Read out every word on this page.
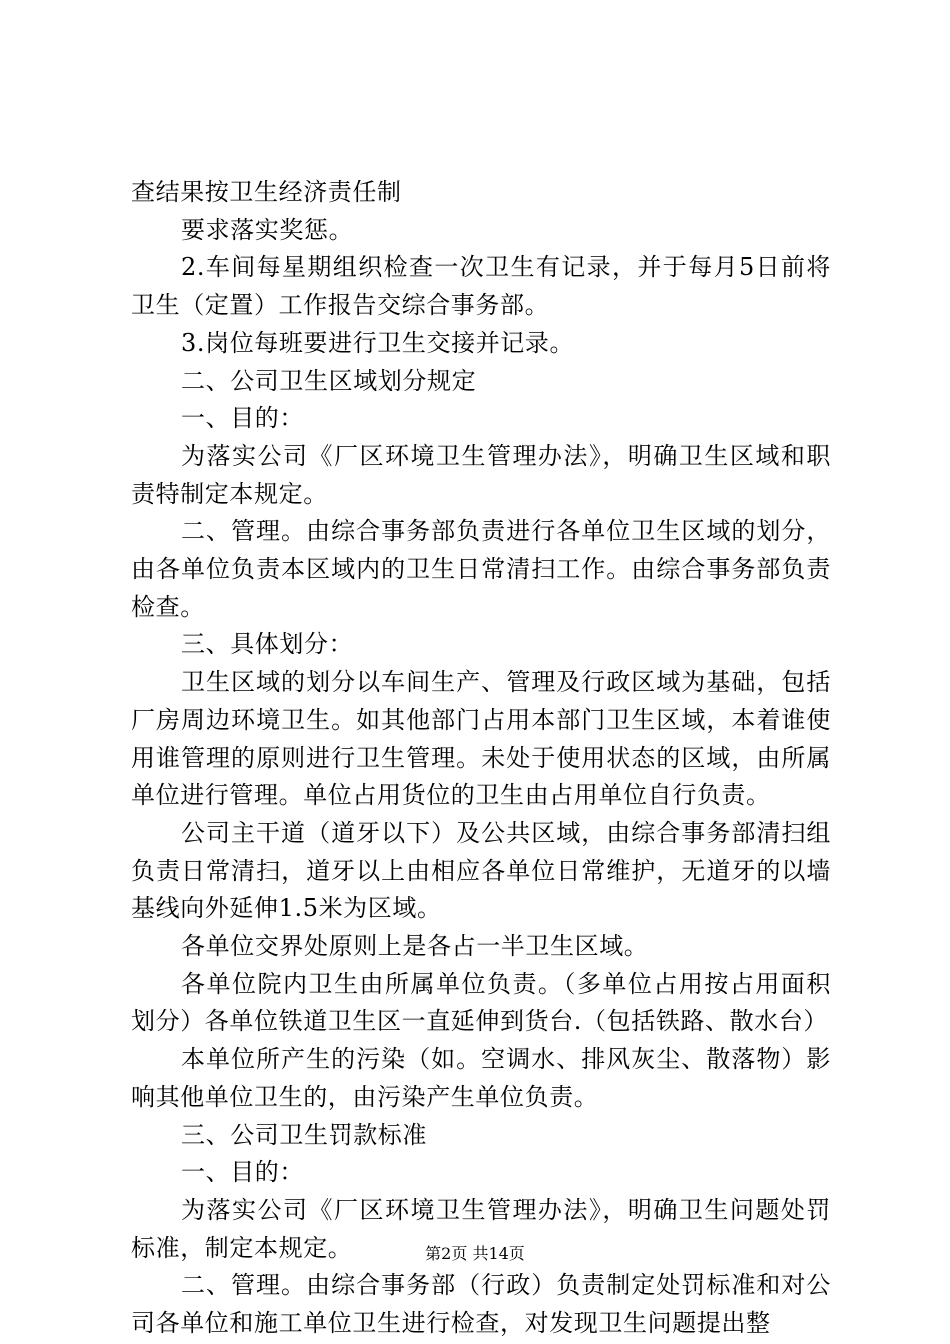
查结果按卫生经济责任制

要求落实奖惩。

2.车间每星期组织检查一次卫生有记录，并于每月5日前将卫生（定置）工作报告交综合事务部。

3.岗位每班要进行卫生交接并记录。

二、公司卫生区域划分规定

一、目的：

为落实公司《厂区环境卫生管理办法》，明确卫生区域和职责特制定本规定。

二、管理。由综合事务部负责进行各单位卫生区域的划分，由各单位负责本区域内的卫生日常清扫工作。由综合事务部负责检查。

三、具体划分：

卫生区域的划分以车间生产、管理及行政区域为基础，包括厂房周边环境卫生。如其他部门占用本部门卫生区域，本着谁使用谁管理的原则进行卫生管理。未处于使用状态的区域，由所属单位进行管理。单位占用货位的卫生由占用单位自行负责。

公司主干道（道牙以下）及公共区域，由综合事务部清扫组负责日常清扫，道牙以上由相应各单位日常维护，无道牙的以墙基线向外延伸1.5米为区域。

各单位交界处原则上是各占一半卫生区域。

各单位院内卫生由所属单位负责。（多单位占用按占用面积划分）各单位铁道卫生区一直延伸到货台.（包括铁路、散水台）

本单位所产生的污染（如。空调水、排风灰尘、散落物）影响其他单位卫生的，由污染产生单位负责。

三、公司卫生罚款标准

一、目的：

为落实公司《厂区环境卫生管理办法》，明确卫生问题处罚标准，制定本规定。

二、管理。由综合事务部（行政）负责制定处罚标准和对公司各单位和施工单位卫生进行检查，对发现卫生问题提出整

第2页 共14页
